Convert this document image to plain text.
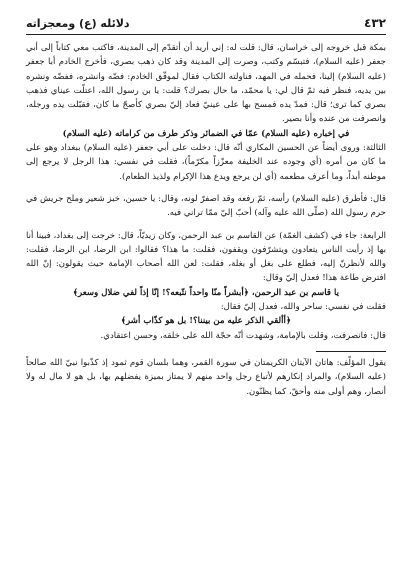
٤٣٢
دلائله (ع) ومعجزاته

بمكة قبل خروجه إلى خراسان، قال: قلت له: إني أريد أن أتقدّم إلى المدينة، فاكتب معي كتاباً إلى أبي جعفر (عليه السلام)، فتبسّم وكتب، وصرت إلى المدينة وقد كان ذهب بصري، فأخرج الخادم أبا جعفر (عليه السلام) إلينا، فحمله في المهد، فناولته الكتاب فقال لموفّق الخادم: فضّه وانشره، ففضّه ونشره بين يديه، فنظر فيه ثمّ قال لي: يا محمّد، ما حال بصرك؟ قلت: يا بن رسول الله، اعتلّت عيناي فذهب بصري كما ترى؛ قال: فمدّ يده فمسح بها على عينيّ فعاد إليّ بصري كأصحّ ما كان، فقبّلت يده ورجله، وانصرفت من عنده وأنا بصير.

في إخباره (عليه السلام) عمّا في الضمائر وذكر طرف من كراماته (عليه السلام)

الثالثة: وروى أيضاً عن الحسين المكاري أنّه قال: دخلت على أبي جعفر (عليه السلام) ببغداد وهو على ما كان من أمره (أي وجوده عند الخليفة معزّزاً مكرّماً)، فقلت في نفسي: هذا الرجل لا يرجع إلى موطنه أبداً، وما أعرف مطعمه (أي لن يرجع ويدع هذا الإكرام ولذيذ الطعام).

قال: فأطرق (عليه السلام) رأسه، ثمّ رفعه وقد اصفرّ لونه، وقال: يا حسين، خبز شعير وملح جريش في حرم رسول الله (صلّى الله عليه وآله) أحبّ إليّ ممّا تراني فيه.

الرابعة: جاء في (كشف الغمّة) عن القاسم بن عبد الرحمن، وكان زيديّاً، قال: خرجت إلى بغداد، فبينا أنا بها إذ رأيت الناس يتعادون ويتشرّفون ويقفون، فقلت: ما هذا؟ فقالوا: ابن الرضا، ابن الرضا، فقلت: والله لأنظرنّ إليه، فطلع على بغل أو بغلة، فقلت: لعن الله أصحاب الإمامة حيث يقولون: إنّ الله افترض طاعة هذا! فعدل إليّ وقال:

يا قاسم بن عبد الرحمن، ﴿أبشراً منّا واحداً نتّبعه؟! إنّا إذاً لفي ضلال وسعر﴾

فقلت في نفسي: ساحر والله، فعدل إليّ فقال:

﴿أألقي الذكر عليه من بيننا؟! بل هو كذّاب أشر﴾

قال: فانصرفت، وقلت بالإمامة، وشهدت أنّه حجّة الله على خلقه، وحسن اعتقادي.

يقول المؤلّف: هاتان الآيتان الكريمتان في سورة القمر، وهما بلسان قوم ثمود إذ كذّبوا نبيّ الله صالحاً (عليه السلام)، والمراد إنكارهم لأتباع رجل واحد منهم لا يمتاز بميزة يفضلهم بها، بل هو لا مال له ولا أنصار، وهم أولى منه وأحقّ، كما يظنّون.
